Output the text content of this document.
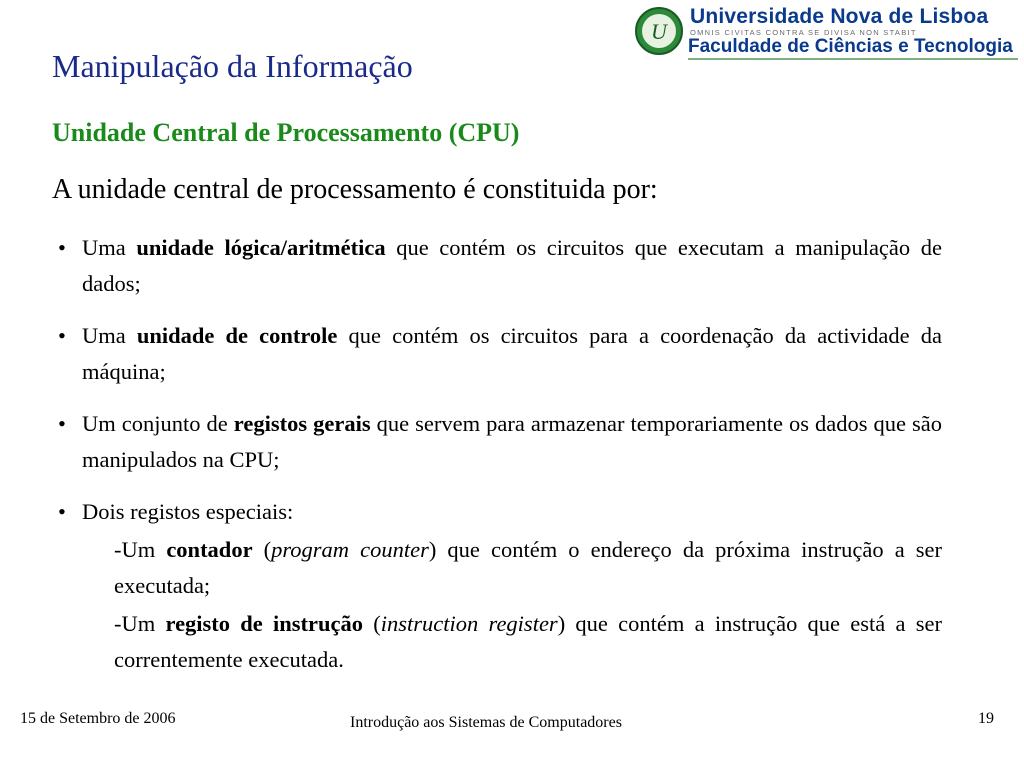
U
Universidade Nova de Lisboa
OMNIS CIVITAS CONTRA SE DIVISA NON STABIT
Faculdade de Ciências e Tecnologia
Manipulação da Informação
Unidade Central de Processamento (CPU)
A unidade central de processamento é constituida por:
• Uma unidade lógica/aritmética que contém os circuitos que executam a manipulação de dados;
• Uma unidade de controle que contém os circuitos para a coordenação da actividade da máquina;
• Um conjunto de registos gerais que servem para armazenar temporariamente os dados que são manipulados na CPU;
• Dois registos especiais:
-Um contador (program counter) que contém o endereço da próxima instrução a ser executada;
-Um registo de instrução (instruction register) que contém a instrução que está a ser correntemente executada.
15 de Setembro de 2006	Introdução aos Sistemas de Computadores	19
